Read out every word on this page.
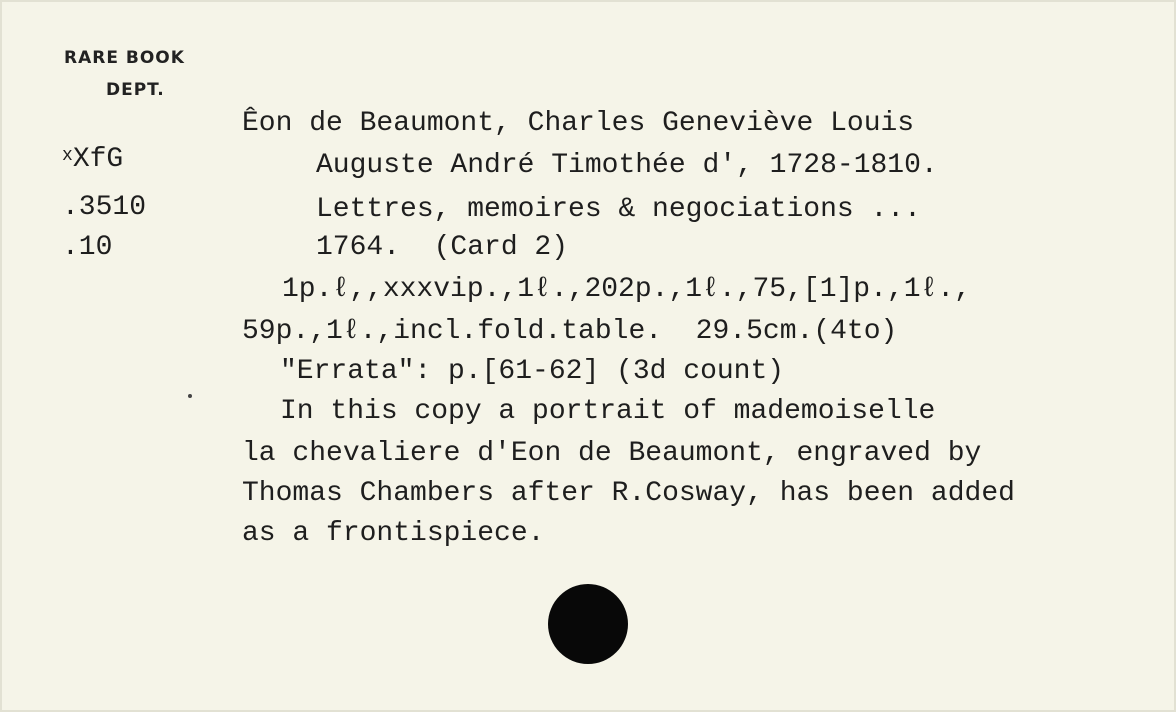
RARE BOOK
DEPT.
$^x$XfG
.3510
.10
Êon de Beaumont, Charles Geneviève Louis
Auguste André Timothée d', 1728-1810.
Lettres, memoires & negociations ...
1764.  (Card 2)
1p.ℓ,,xxxvip.,1ℓ.,202p.,1ℓ.,75,[1]p.,1ℓ.,
59p.,1ℓ.,incl.fold.table.  29.5cm.(4to)
"Errata": p.[61-62] (3d count)
In this copy a portrait of mademoiselle
la chevaliere d'Eon de Beaumont, engraved by
Thomas Chambers after R.Cosway, has been added
as a frontispiece.
